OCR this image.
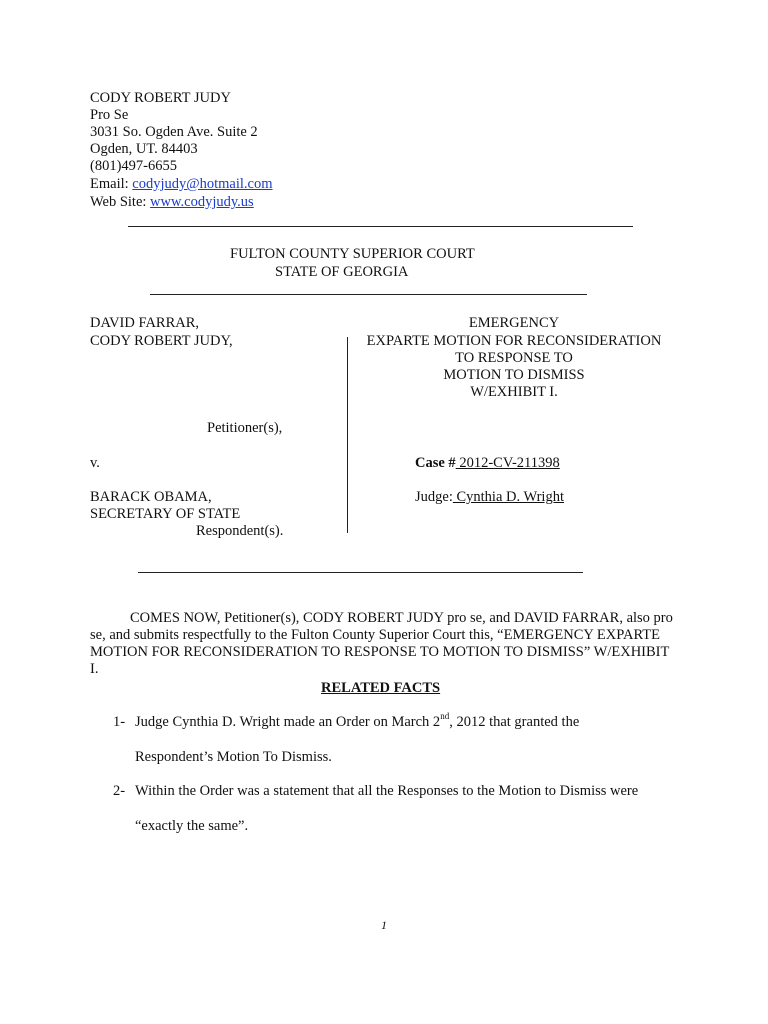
CODY ROBERT JUDY
Pro Se
3031 So. Ogden Ave. Suite 2
Ogden, UT. 84403
(801)497-6655
Email: codyjudy@hotmail.com
Web Site: www.codyjudy.us
FULTON COUNTY SUPERIOR COURT
STATE OF GEORGIA
DAVID FARRAR,
CODY ROBERT JUDY,
Petitioner(s),
v.
BARACK OBAMA,
SECRETARY OF STATE
Respondent(s).
EMERGENCY
EXPARTE MOTION FOR RECONSIDERATION
TO RESPONSE TO
MOTION TO DISMISS
W/EXHIBIT I.
Case # 2012-CV-211398
Judge: Cynthia D. Wright
COMES NOW, Petitioner(s), CODY ROBERT JUDY pro se, and DAVID FARRAR, also pro se, and submits respectfully to the Fulton County Superior Court this, “EMERGENCY EXPARTE MOTION FOR RECONSIDERATION TO RESPONSE TO MOTION TO DISMISS” W/EXHIBIT I.
RELATED FACTS
1- Judge Cynthia D. Wright made an Order on March 2nd, 2012 that granted the
Respondent’s Motion To Dismiss.
2- Within the Order was a statement that all the Responses to the Motion to Dismiss were
“exactly the same”.
1
